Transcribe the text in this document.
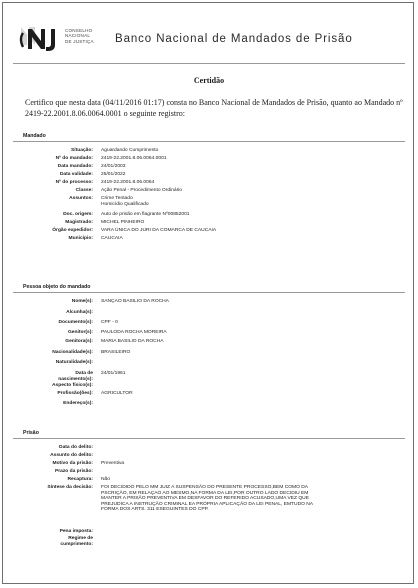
CONSELHO
NACIONAL
DE JUSTIÇA Banco Nacional de Mandados de Prisão
Certidão
Certifico que nesta data (04/11/2016 01:17) consta no Banco Nacional de Mandados de Prisão, quanto ao Mandado nº 2419-22.2001.8.06.0064.0001 o seguinte registro:
Mandado
Situação: Aguardando Cumprimento
Nº do mandado: 2419-22.2001.8.06.0064.0001
Data mandado: 24/01/2003
Data validade: 25/01/2022
Nº do processo: 2419-22.2001.8.06.0064
Classe: Ação Penal - Procedimento Ordinário
Assuntos: Crime Tentado
Homicídio Qualificado
Doc. origem: Auto de prisão em flagrante Nº00852001
Magistrado: MICHEL PINHEIRO
Órgão expedidor: VARA ÚNICA DO JURI DA COMARCA DE CAUCAIA
Município: CAUCAIA
Pessoa objeto do mandado
Nome(s): SANÇAO BASILIO DA ROCHA
Alcunha(s):
Documento(s): CPF - 0
Genitor(s): PAULODA ROCHA MOREIRA
Genitora(s): MARIA BASILIO DA ROCHA
Nacionalidade(s): BRASILEIRO
Naturalidade(s):
Data de
nascimento(s):
24/01/1961
Aspecto físico(s):
Profissão(ões): AGRICULTOR
Endereço(s):
Prisão
Data do delito:
Assunto do delito:
Motivo da prisão: Preventiva
Prazo da prisão:
Recaptura: Não
Síntese da decisão: FOI DECIDIDO PELO MM JUIZ A SUSPENSÃO DO PRESENTE PROCESSO,BEM COMO DA
PSCRIÇÃO, EM RELAÇAO AO MESMO,NA FORMA DA LEI,POR OUTRO LADO DECIDIU EM
MANTER A PRISÃO PREVENTIVA EM DESFAVOR DO REFERIDO ACUSADO,UMA VEZ QUE
PREJUDICA A INSTRUÇÃO CRIMINAL EA PRÓPRIA APLICAÇÃO DA LEI PENAL, EMTUDO NA
FORMA DOS ARTS. 311 ESEGUINTES DO CPP.
Pena imposta:
Regime de
cumprimento:
